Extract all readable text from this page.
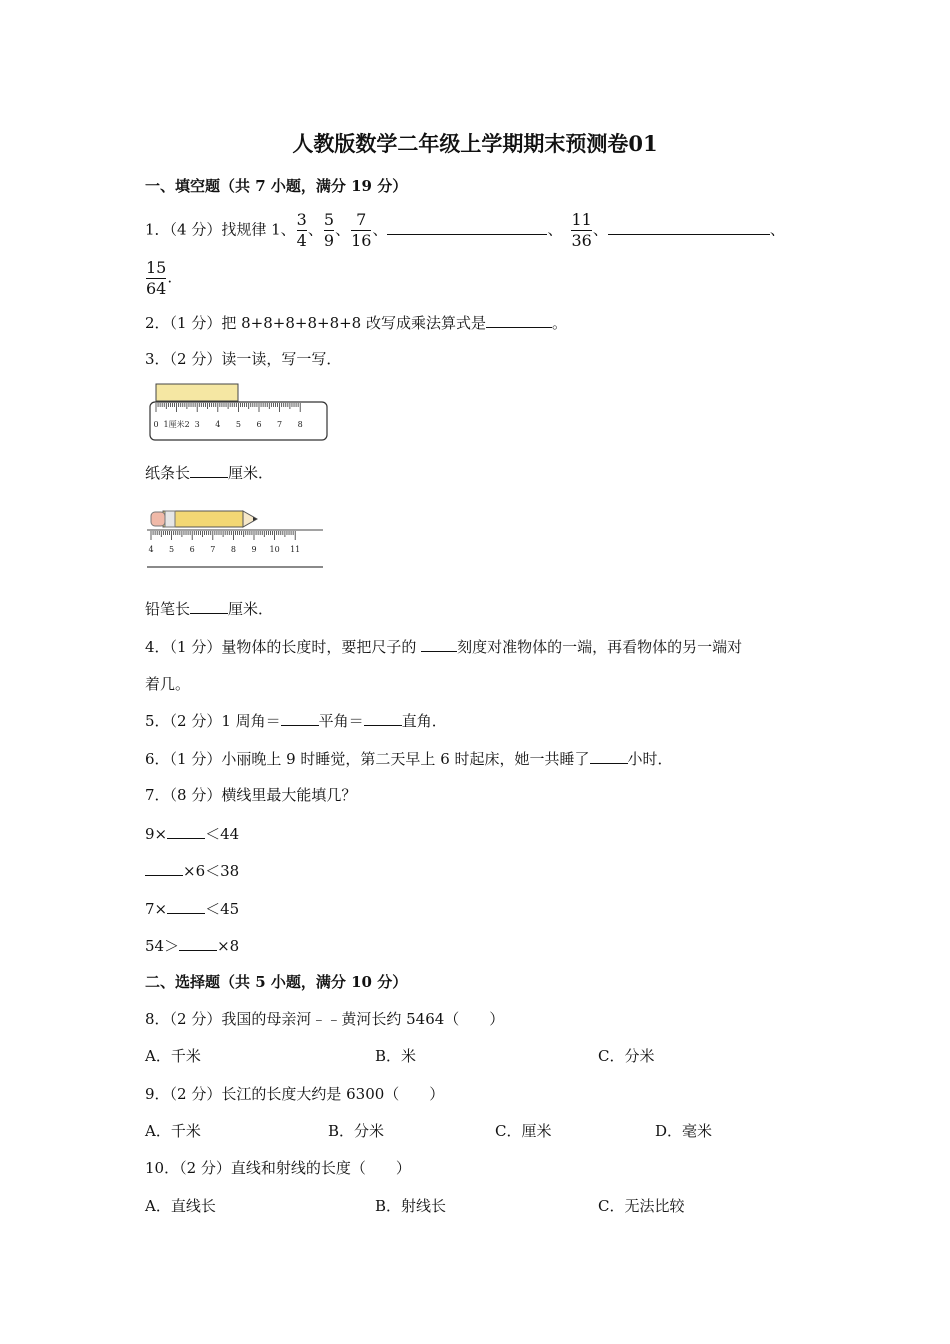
人教版数学二年级上学期期末预测卷01
一、填空题（共 7 小题，满分 19 分）
1．（4 分）找规律 1、 $\frac{3}{4}$ 、 $\frac{5}{9}$ 、 $\frac{7}{16}$ 、	、 $\frac{11}{36}$ 、	、
$\frac{15}{64}$ .
2．（1 分）把 8+8+8+8+8+8 改写成乘法算式是	。
3．（2 分）读一读，写一写．
0 1厘米2 3 4 5 6 7 8
纸条长	厘米．
4 5 6 7 8 9 10 11
铅笔长	厘米．
4．（1 分）量物体的长度时，要把尺子的 刻度对准物体的一端，再看物体的另一端对
着几。
5．（2 分）1 周角＝	平角＝	直角．
6．（1 分）小丽晚上 9 时睡觉，第二天早上 6 时起床，她一共睡了	小时．
7．（8 分）横线里最大能填几？
9×	＜44
×6＜38
7×	＜45
54＞	×8
二、选择题（共 5 小题，满分 10 分）
8．（2 分）我国的母亲河﹣﹣黄河长约 5464（　　）
A．千米	B．米	C．分米
9．（2 分）长江的长度大约是 6300（　　）
A．千米	B．分米	C．厘米	D．毫米
10．（2 分）直线和射线的长度（　　）
A．直线长	B．射线长	C．无法比较
